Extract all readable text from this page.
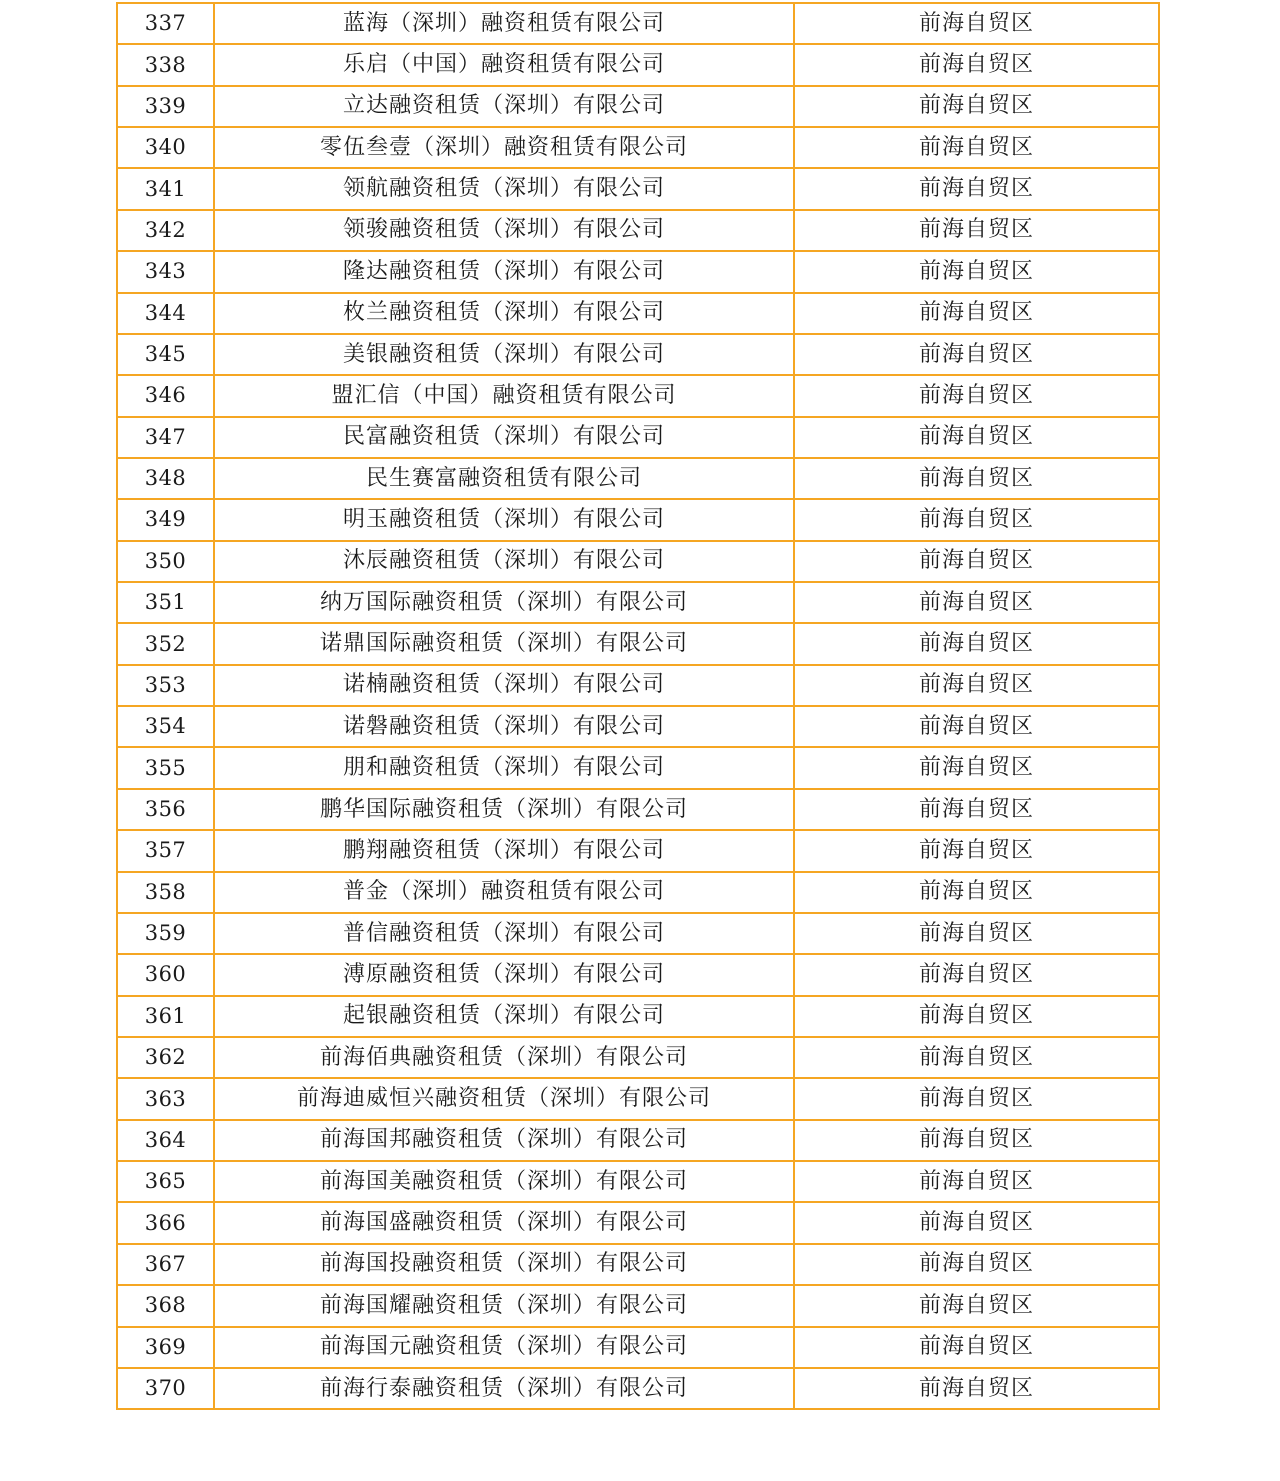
337	蓝海（深圳）融资租赁有限公司	前海自贸区
338	乐启（中国）融资租赁有限公司	前海自贸区
339	立达融资租赁（深圳）有限公司	前海自贸区
340	零伍叁壹（深圳）融资租赁有限公司	前海自贸区
341	领航融资租赁（深圳）有限公司	前海自贸区
342	领骏融资租赁（深圳）有限公司	前海自贸区
343	隆达融资租赁（深圳）有限公司	前海自贸区
344	枚兰融资租赁（深圳）有限公司	前海自贸区
345	美银融资租赁（深圳）有限公司	前海自贸区
346	盟汇信（中国）融资租赁有限公司	前海自贸区
347	民富融资租赁（深圳）有限公司	前海自贸区
348	民生赛富融资租赁有限公司	前海自贸区
349	明玉融资租赁（深圳）有限公司	前海自贸区
350	沐辰融资租赁（深圳）有限公司	前海自贸区
351	纳万国际融资租赁（深圳）有限公司	前海自贸区
352	诺鼎国际融资租赁（深圳）有限公司	前海自贸区
353	诺楠融资租赁（深圳）有限公司	前海自贸区
354	诺磐融资租赁（深圳）有限公司	前海自贸区
355	朋和融资租赁（深圳）有限公司	前海自贸区
356	鹏华国际融资租赁（深圳）有限公司	前海自贸区
357	鹏翔融资租赁（深圳）有限公司	前海自贸区
358	普金（深圳）融资租赁有限公司	前海自贸区
359	普信融资租赁（深圳）有限公司	前海自贸区
360	溥原融资租赁（深圳）有限公司	前海自贸区
361	起银融资租赁（深圳）有限公司	前海自贸区
362	前海佰典融资租赁（深圳）有限公司	前海自贸区
363	前海迪威恒兴融资租赁（深圳）有限公司	前海自贸区
364	前海国邦融资租赁（深圳）有限公司	前海自贸区
365	前海国美融资租赁（深圳）有限公司	前海自贸区
366	前海国盛融资租赁（深圳）有限公司	前海自贸区
367	前海国投融资租赁（深圳）有限公司	前海自贸区
368	前海国耀融资租赁（深圳）有限公司	前海自贸区
369	前海国元融资租赁（深圳）有限公司	前海自贸区
370	前海行泰融资租赁（深圳）有限公司	前海自贸区
